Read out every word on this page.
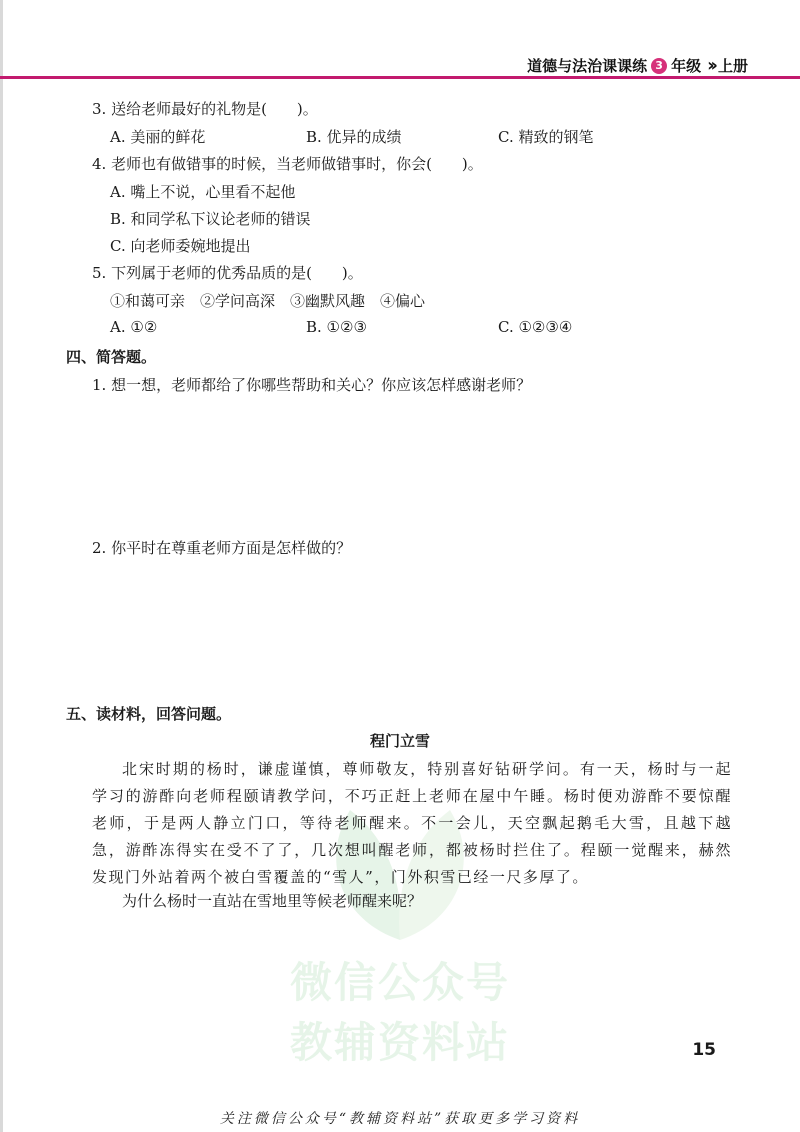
道德与法治课课练 3 年级 ›› 上册
微信公众号
教辅资料站
3. 送给老师最好的礼物是(　　)。
A. 美丽的鲜花	B. 优异的成绩	C. 精致的钢笔
4. 老师也有做错事的时候，当老师做错事时，你会(　　)。
A. 嘴上不说，心里看不起他
B. 和同学私下议论老师的错误
C. 向老师委婉地提出
5. 下列属于老师的优秀品质的是(　　)。
①和蔼可亲　②学问高深　③幽默风趣　④偏心
A. ①②	B. ①②③	C. ①②③④
四、简答题。
1. 想一想，老师都给了你哪些帮助和关心？你应该怎样感谢老师？
2. 你平时在尊重老师方面是怎样做的？
五、读材料，回答问题。
程门立雪
北宋时期的杨时，谦虚谨慎，尊师敬友，特别喜好钻研学问。有一天，杨时与一起学习的游酢向老师程颐请教学问，不巧正赶上老师在屋中午睡。杨时便劝游酢不要惊醒老师，于是两人静立门口，等待老师醒来。不一会儿，天空飘起鹅毛大雪，且越下越急，游酢冻得实在受不了了，几次想叫醒老师，都被杨时拦住了。程颐一觉醒来，赫然发现门外站着两个被白雪覆盖的“雪人”，门外积雪已经一尺多厚了。
为什么杨时一直站在雪地里等候老师醒来呢？
15
关注微信公众号“教辅资料站”获取更多学习资料
